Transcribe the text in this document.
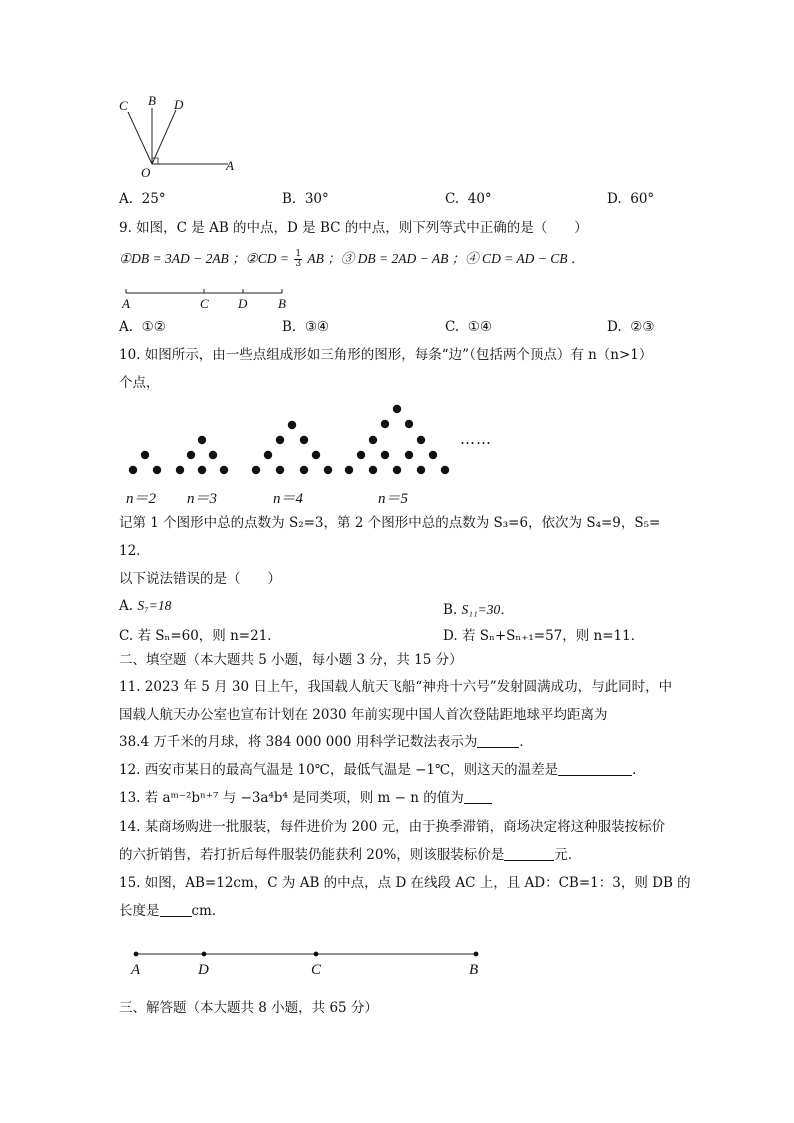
C B D
O	A
A. 25°	B. 30°	C. 40°	D. 60°
9. 如图，C 是 AB 的中点，D 是 BC 的中点，则下列等式中正确的是（　　）
①DB = 3AD − 2AB ；②CD = $\frac{1}{3}$ AB ；③ DB = 2AD − AB ；④ CD = AD − CB ．
A	C D B
A. ①②	B. ③④	C. ①④	D. ②③
10. 如图所示，由一些点组成形如三角形的图形，每条“边”（包括两个顶点）有 n（n>1）
个点，
……
n＝2 n＝3	n＝4	n＝5
记第 1 个图形中总的点数为 S₂=3，第 2 个图形中总的点数为 S₃=6，依次为 S₄=9，S₅=
12．
以下说法错误的是（　　）
A. S₇=18	B. S₁₁=30．
C. 若 Sₙ=60，则 n=21．	D. 若 Sₙ+Sₙ₊₁=57，则 n=11．
二、填空题（本大题共 5 小题，每小题 3 分，共 15 分）
11. 2023 年 5 月 30 日上午，我国载人航天飞船“神舟十六号”发射圆满成功，与此同时，中
国载人航天办公室也宣布计划在 2030 年前实现中国人首次登陆距地球平均距离为
38.4 万千米的月球，将 384 000 000 用科学记数法表示为	．
12. 西安市某日的最高气温是 10℃，最低气温是 −1℃，则这天的温差是	．
13. 若 aᵐ⁻²bⁿ⁺⁷ 与 −3a⁴b⁴ 是同类项，则 m − n 的值为
14. 某商场购进一批服装，每件进价为 200 元，由于换季滞销，商场决定将这种服装按标价
的六折销售，若打折后每件服装仍能获利 20%，则该服装标价是	元．
15. 如图，AB=12cm，C 为 AB 的中点，点 D 在线段 AC 上，且 AD：CB=1：3，则 DB 的
长度是 cm．
A	D	C	B
三、解答题（本大题共 8 小题，共 65 分）
